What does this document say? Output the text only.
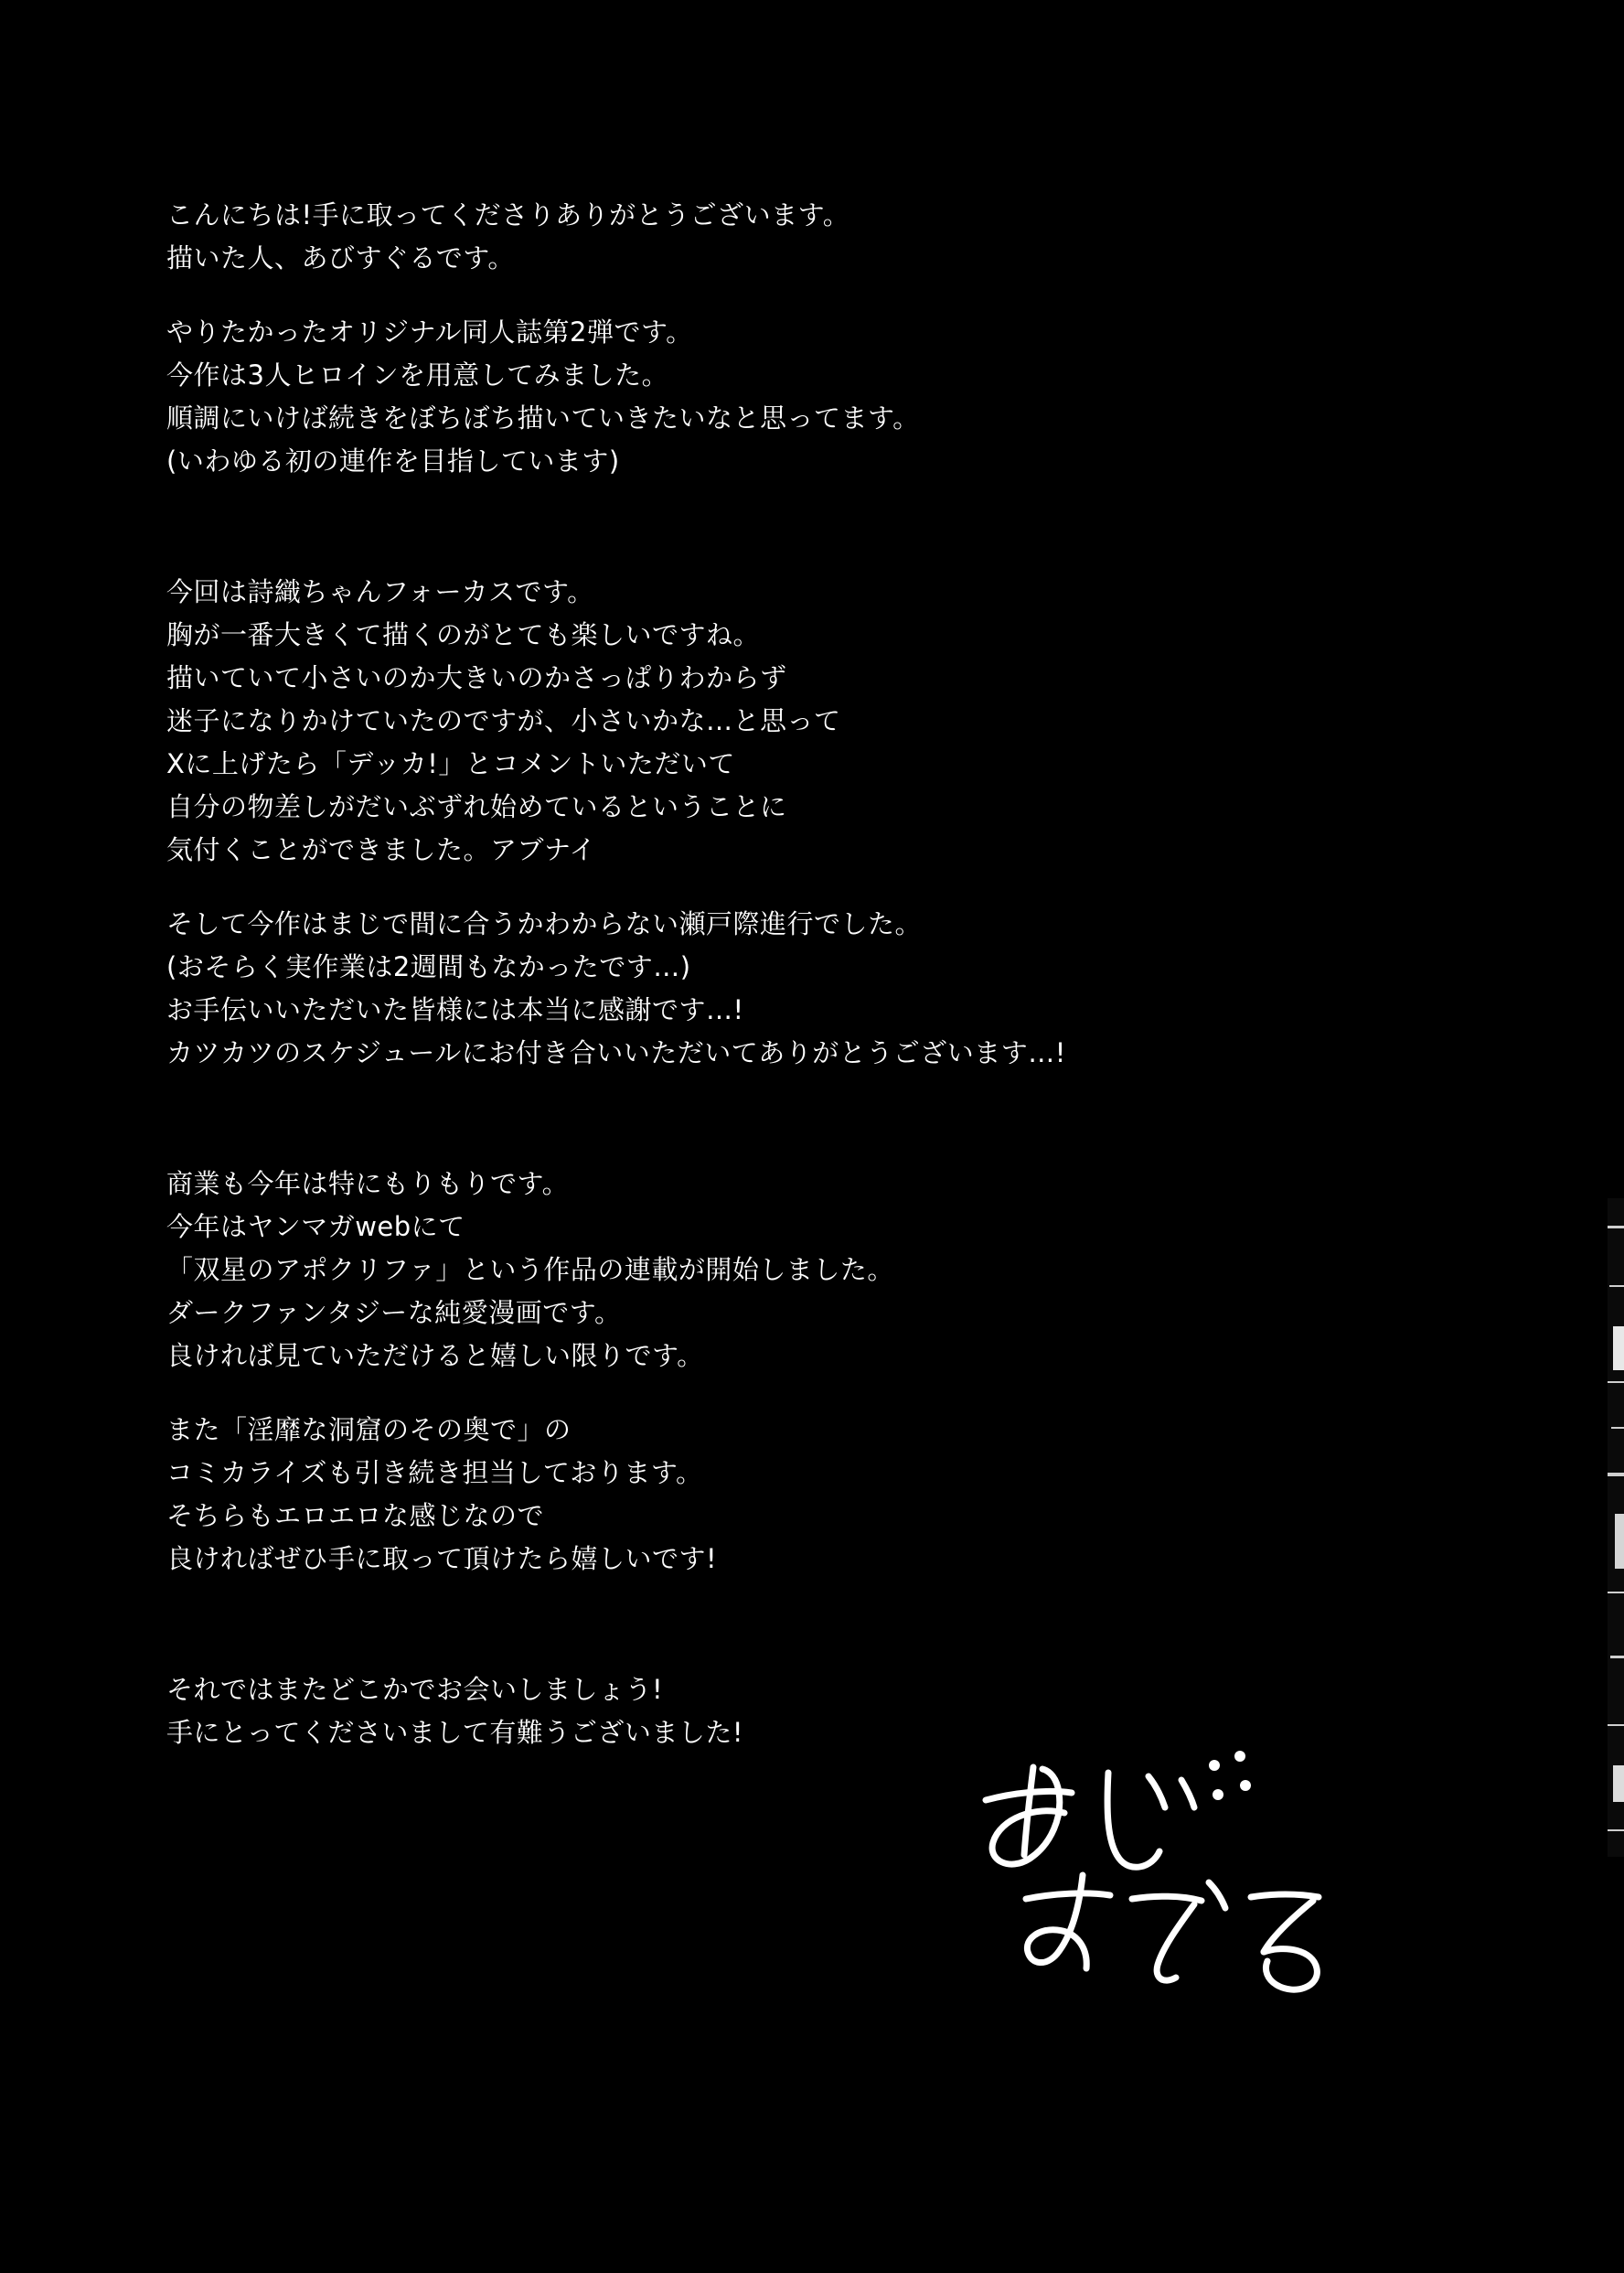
こんにちは!手に取ってくださりありがとうございます。
描いた人、あびすぐるです。
やりたかったオリジナル同人誌第2弾です。
今作は3人ヒロインを用意してみました。
順調にいけば続きをぼちぼち描いていきたいなと思ってます。
(いわゆる初の連作を目指しています)
今回は詩織ちゃんフォーカスです。
胸が一番大きくて描くのがとても楽しいですね。
描いていて小さいのか大きいのかさっぱりわからず
迷子になりかけていたのですが、小さいかな…と思って
Xに上げたら「デッカ!」とコメントいただいて
自分の物差しがだいぶずれ始めているということに
気付くことができました。アブナイ
そして今作はまじで間に合うかわからない瀬戸際進行でした。
(おそらく実作業は2週間もなかったです…)
お手伝いいただいた皆様には本当に感謝です…!
カツカツのスケジュールにお付き合いいただいてありがとうございます…!
商業も今年は特にもりもりです。
今年はヤンマガwebにて
「双星のアポクリファ」という作品の連載が開始しました。
ダークファンタジーな純愛漫画です。
良ければ見ていただけると嬉しい限りです。
また「淫靡な洞窟のその奥で」の
コミカライズも引き続き担当しております。
そちらもエロエロな感じなので
良ければぜひ手に取って頂けたら嬉しいです!
それではまたどこかでお会いしましょう!
手にとってくださいまして有難うございました!
